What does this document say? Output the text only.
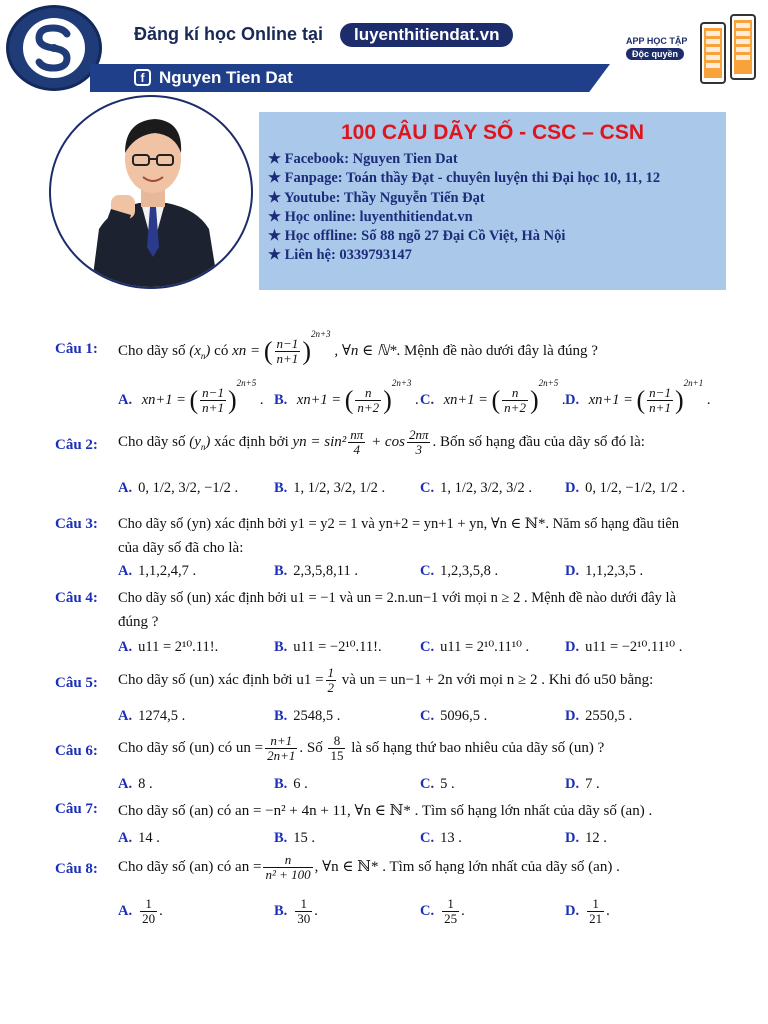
Đăng kí học Online tại	luyenthitiendat.vn
f Nguyen Tien Dat
APP HỌC TẬP
Độc quyền
100 CÂU DÃY SỐ - CSC – CSN
★ Facebook: Nguyen Tien Dat
★ Fanpage: Toán thầy Đạt - chuyên luyện thi Đại học 10, 11, 12
★ Youtube: Thầy Nguyễn Tiến Đạt
★ Học online: luyenthitiendat.vn
★ Học offline: Số 88 ngõ 27 Đại Cồ Việt, Hà Nội
★ Liên hệ: 0339793147
Câu 1: Cho dãy số $(x_n)$ có xn = ( $\frac{n-1}{n+1} )^{2n+3}$ , ∀n ∈ ℕ*. Mệnh đề nào dưới đây là đúng ?
A. xn+1 = ( $\frac{n-1}{n+1} )^{2n+5}$ . B. xn+1 = ( $\frac{n}{n+2} )^{2n+3}$ . C. xn+1 = ( $\frac{n}{n+2} )^{2n+5}$ . D. xn+1 = ( $\frac{n-1}{n+1} )^{2n+1}$ .
Câu 2: Cho dãy số $(y_n)$ xác định bởi yn = $\sin^2 \frac{n\pi}{4} + \cos \frac{2n\pi}{3}$ . Bốn số hạng đầu của dãy số đó là:
A. 0, 1/2, 3/2, −1/2 . B. 1, 1/2, 3/2, 1/2 . C. 1, 1/2, 3/2, 3/2 . D. 0, 1/2, −1/2, 1/2 .
Câu 3: Cho dãy số (yn) xác định bởi y1 = y2 = 1 và yn+2 = yn+1 + yn, ∀n ∈ ℕ*. Năm số hạng đầu tiên
của dãy số đã cho là:
A. 1,1,2,4,7 .	B. 2,3,5,8,11 .	C. 1,2,3,5,8 .	D. 1,1,2,3,5 .
Câu 4: Cho dãy số (un) xác định bởi u1 = −1 và un = 2.n.un−1 với mọi n ≥ 2 . Mệnh đề nào dưới đây là
đúng ?
A. u11 = 2¹⁰.11!.	B. u11 = −2¹⁰.11!.	C. u11 = 2¹⁰.11¹⁰ . D. u11 = −2¹⁰.11¹⁰ .
Câu 5: Cho dãy số (un) xác định bởi $u1 = \frac{1}{2}$ và un = un−1 + 2n với mọi n ≥ 2 . Khi đó u50 bằng:
A. 1274,5 .	B. 2548,5 .	C. 5096,5 .	D. 2550,5 .
Câu 6: Cho dãy số (un) có un = $\frac{n+1}{2n+1}$ . Số $\frac{8}{15}$ là số hạng thứ bao nhiêu của dãy số (un) ?
A. 8 .	B. 6 .	C. 5 .	D. 7 .
Câu 7: Cho dãy số (an) có an = −n² + 4n + 11, ∀n ∈ ℕ* . Tìm số hạng lớn nhất của dãy số (an) .
A. 14 .	B. 15 .	C. 13 .	D. 12 .
Câu 8: Cho dãy số (an) có an = $\frac{n}{\text{n² + 100}}$ , ∀n ∈ ℕ* . Tìm số hạng lớn nhất của dãy số (an) .
A. $\frac{1}{20}$ .	B. $\frac{1}{30}$ .	C. $\frac{1}{25}$ .	D. $\frac{1}{21}$ .
